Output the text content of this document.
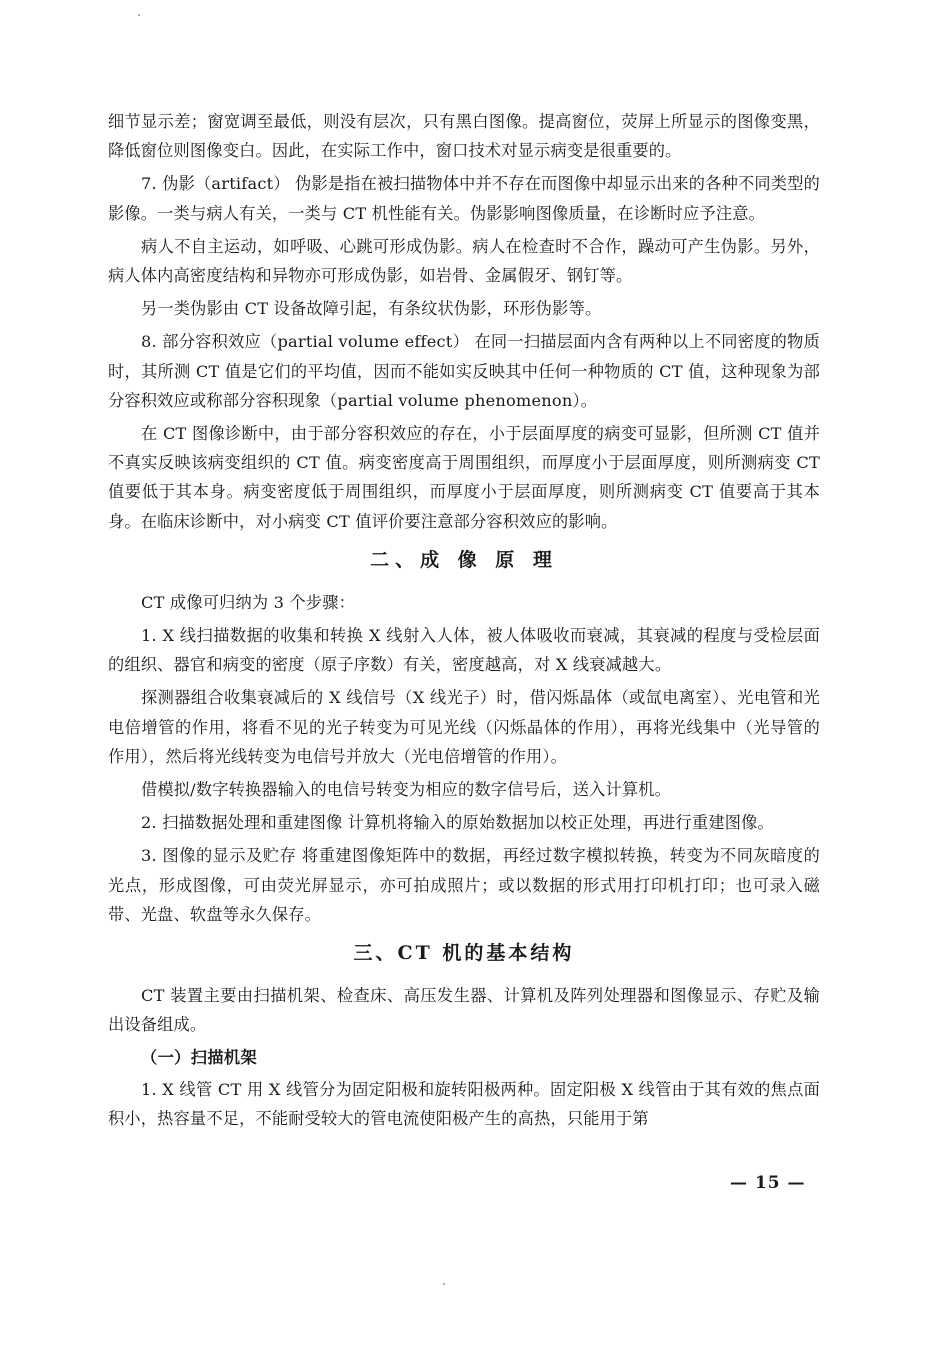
细节显示差；窗宽调至最低，则没有层次，只有黑白图像。提高窗位，荧屏上所显示的图像变黑，降低窗位则图像变白。因此，在实际工作中，窗口技术对显示病变是很重要的。

7. 伪影（artifact） 伪影是指在被扫描物体中并不存在而图像中却显示出来的各种不同类型的影像。一类与病人有关，一类与 CT 机性能有关。伪影影响图像质量，在诊断时应予注意。

病人不自主运动，如呼吸、心跳可形成伪影。病人在检查时不合作，躁动可产生伪影。另外，病人体内高密度结构和异物亦可形成伪影，如岩骨、金属假牙、钢钉等。

另一类伪影由 CT 设备故障引起，有条纹状伪影，环形伪影等。

8. 部分容积效应（partial volume effect） 在同一扫描层面内含有两种以上不同密度的物质时，其所测 CT 值是它们的平均值，因而不能如实反映其中任何一种物质的 CT 值，这种现象为部分容积效应或称部分容积现象（partial volume phenomenon）。

在 CT 图像诊断中，由于部分容积效应的存在，小于层面厚度的病变可显影，但所测 CT 值并不真实反映该病变组织的 CT 值。病变密度高于周围组织，而厚度小于层面厚度，则所测病变 CT 值要低于其本身。病变密度低于周围组织，而厚度小于层面厚度，则所测病变 CT 值要高于其本身。在临床诊断中，对小病变 CT 值评价要注意部分容积效应的影响。

二、成 像 原 理

CT 成像可归纳为 3 个步骤：

1. X 线扫描数据的收集和转换 X 线射入人体，被人体吸收而衰减，其衰减的程度与受检层面的组织、器官和病变的密度（原子序数）有关，密度越高，对 X 线衰减越大。

探测器组合收集衰减后的 X 线信号（X 线光子）时，借闪烁晶体（或氙电离室）、光电管和光电倍增管的作用，将看不见的光子转变为可见光线（闪烁晶体的作用），再将光线集中（光导管的作用），然后将光线转变为电信号并放大（光电倍增管的作用）。

借模拟/数字转换器输入的电信号转变为相应的数字信号后，送入计算机。

2. 扫描数据处理和重建图像 计算机将输入的原始数据加以校正处理，再进行重建图像。

3. 图像的显示及贮存 将重建图像矩阵中的数据，再经过数字模拟转换，转变为不同灰暗度的光点，形成图像，可由荧光屏显示，亦可拍成照片；或以数据的形式用打印机打印；也可录入磁带、光盘、软盘等永久保存。

三、CT 机的基本结构

CT 装置主要由扫描机架、检查床、高压发生器、计算机及阵列处理器和图像显示、存贮及输出设备组成。

（一）扫描机架

1. X 线管 CT 用 X 线管分为固定阳极和旋转阳极两种。固定阳极 X 线管由于其有效的焦点面积小，热容量不足，不能耐受较大的管电流使阳极产生的高热，只能用于第

— 15 —
